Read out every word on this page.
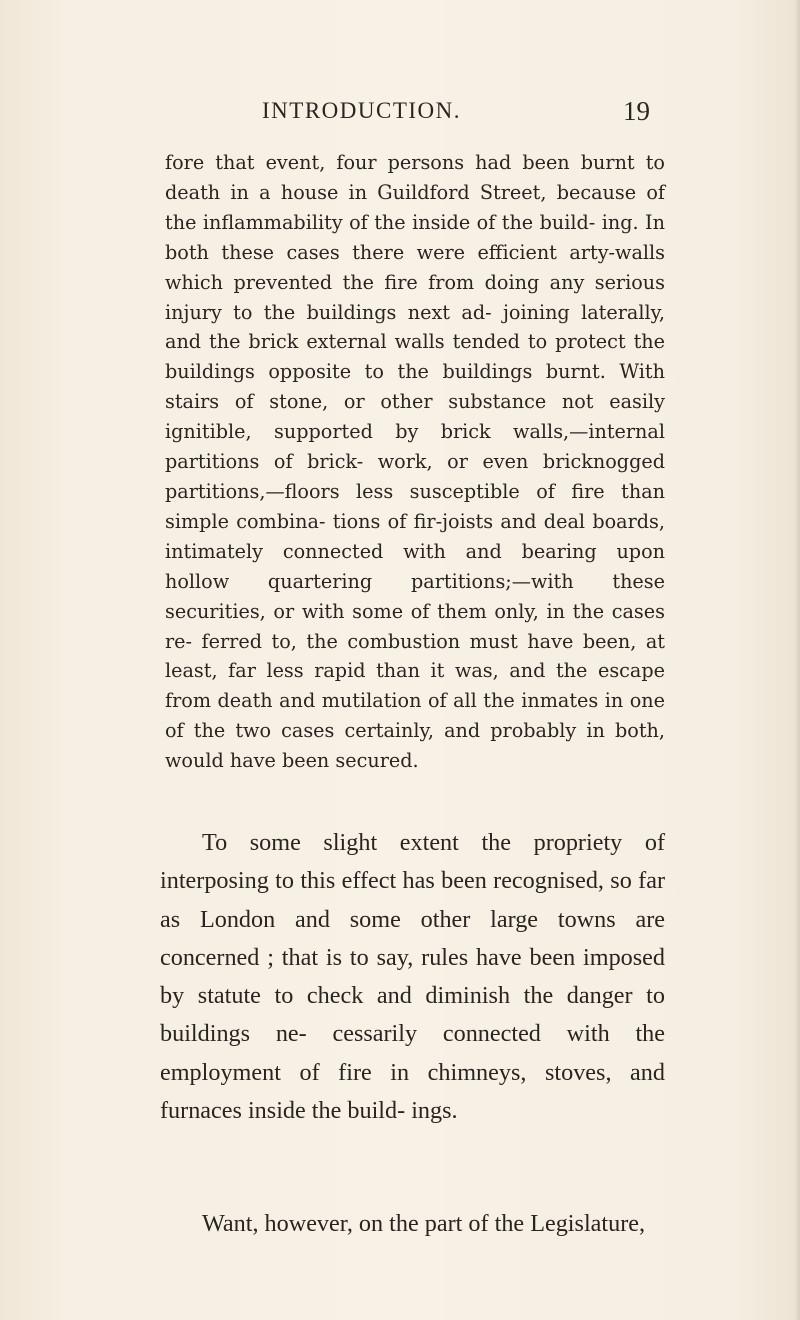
INTRODUCTION.	19

fore that event, four persons had been burnt to death in a house in Guildford Street, because of the inflammability of the inside of the build- ing. In both these cases there were efficient arty-walls which prevented the fire from doing any serious injury to the buildings next ad- joining laterally, and the brick external walls tended to protect the buildings opposite to the buildings burnt. With stairs of stone, or other substance not easily ignitible, supported by brick walls,—internal partitions of brick- work, or even bricknogged partitions,—floors less susceptible of fire than simple combina- tions of fir-joists and deal boards, intimately connected with and bearing upon hollow quartering partitions;—with these securities, or with some of them only, in the cases re- ferred to, the combustion must have been, at least, far less rapid than it was, and the escape from death and mutilation of all the inmates in one of the two cases certainly, and probably in both, would have been secured.

To some slight extent the propriety of interposing to this effect has been recognised, so far as London and some other large towns are concerned ; that is to say, rules have been imposed by statute to check and diminish the danger to buildings ne- cessarily connected with the employment of fire in chimneys, stoves, and furnaces inside the build- ings.

Want, however, on the part of the Legislature,
